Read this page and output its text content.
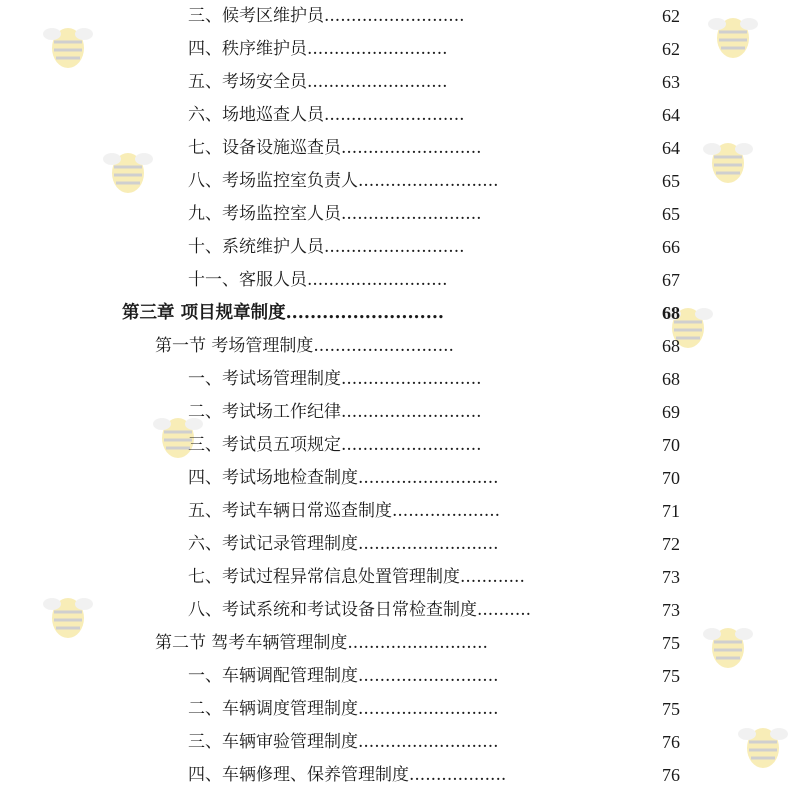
三、候考区维护员..........................	62
四、秩序维护员..........................	62
五、考场安全员..........................	63
六、场地巡查人员..........................	64
七、设备设施巡查员..........................	64
八、考场监控室负责人..........................	65
九、考场监控室人员..........................	65
十、系统维护人员..........................	66
十一、客服人员..........................	67
第三章 项目规章制度..........................	68
第一节 考场管理制度..........................	68
一、考试场管理制度..........................	68
二、考试场工作纪律..........................	69
三、考试员五项规定..........................	70
四、考试场地检查制度..........................	70
五、考试车辆日常巡查制度....................	71
六、考试记录管理制度..........................	72
七、考试过程异常信息处置管理制度............	73
八、考试系统和考试设备日常检查制度..........	73
第二节 驾考车辆管理制度..........................	75
一、车辆调配管理制度..........................	75
二、车辆调度管理制度..........................	75
三、车辆审验管理制度..........................	76
四、车辆修理、保养管理制度..................	76
